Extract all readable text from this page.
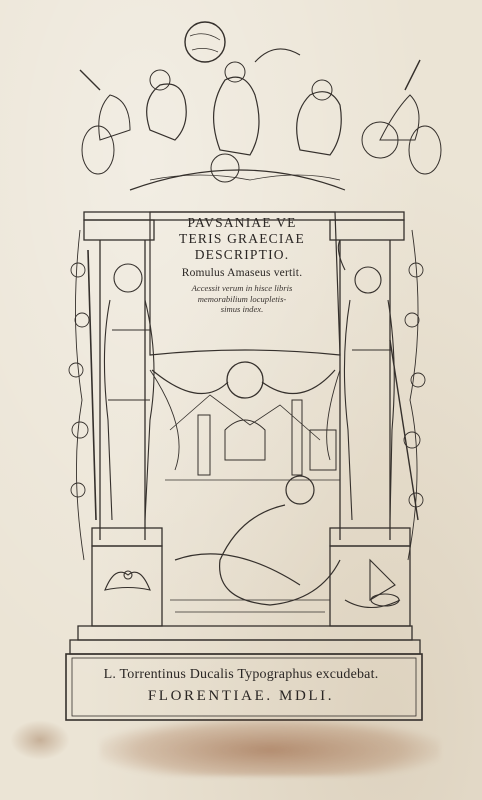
PAVSANIAE VE
TERIS GRAECIAE
DESCRIPTIO.
Romulus Amaseus vertit.
Accessit verum in hisce libris
memorabilium locupletis-
simus index.
L. Torrentinus Ducalis Typographus excudebat.
FLORENTIAE. MDLI.
